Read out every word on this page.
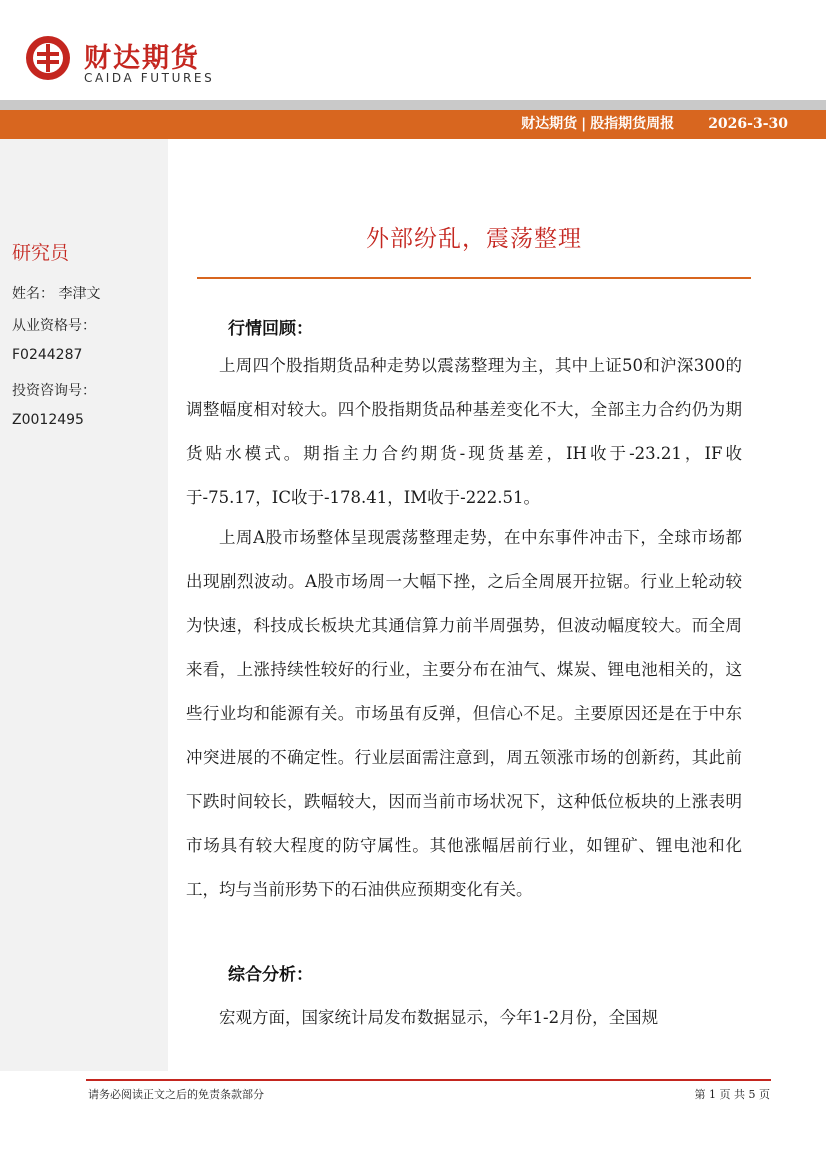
财达期货
CAIDA FUTURES
财达期货 | 股指期货周报 2026-3-30
研究员
姓名： 李津文
从业资格号：
F0244287
投资咨询号：
Z0012495
外部纷乱，震荡整理
行情回顾：

上周四个股指期货品种走势以震荡整理为主，其中上证50和沪深300的调整幅度相对较大。四个股指期货品种基差变化不大，全部主力合约仍为期货贴水模式。期指主力合约期货-现货基差，IH收于-23.21，IF收于-75.17，IC收于-178.41，IM收于-222.51。

上周A股市场整体呈现震荡整理走势，在中东事件冲击下，全球市场都出现剧烈波动。A股市场周一大幅下挫，之后全周展开拉锯。行业上轮动较为快速，科技成长板块尤其通信算力前半周强势，但波动幅度较大。而全周来看，上涨持续性较好的行业，主要分布在油气、煤炭、锂电池相关的，这些行业均和能源有关。市场虽有反弹，但信心不足。主要原因还是在于中东冲突进展的不确定性。行业层面需注意到，周五领涨市场的创新药，其此前下跌时间较长，跌幅较大，因而当前市场状况下，这种低位板块的上涨表明市场具有较大程度的防守属性。其他涨幅居前行业，如锂矿、锂电池和化工，均与当前形势下的石油供应预期变化有关。

综合分析：

宏观方面，国家统计局发布数据显示，今年1-2月份，全国规

请务必阅读正文之后的免责条款部分	第 1 页 共 5 页
